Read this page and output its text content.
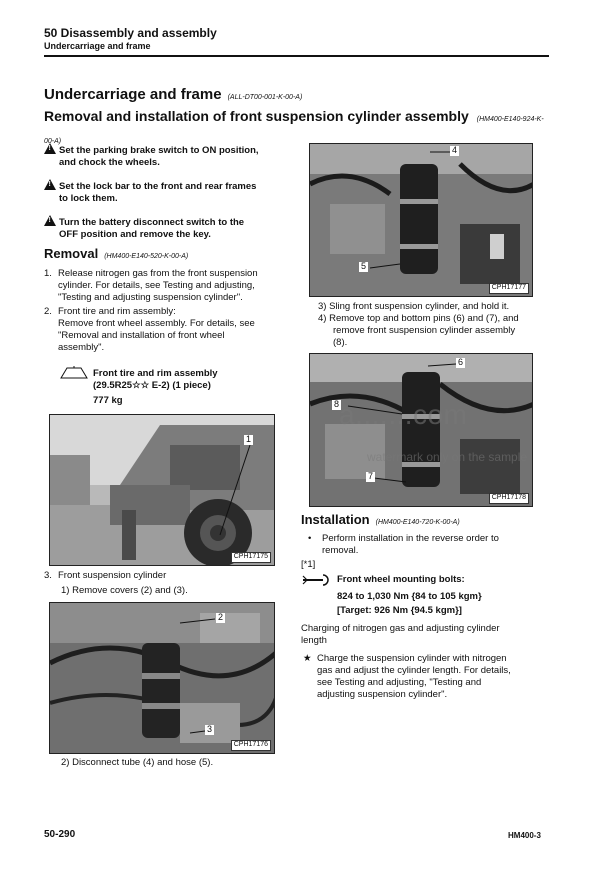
50 Disassembly and assembly
Undercarriage and frame
Undercarriage and frame (ALL-DT00-001-K-00-A)
Removal and installation of front suspension cylinder assembly (HM400-E140-924-K-00-A)
!Set the parking brake switch to ON position,
and chock the wheels.
!Set the lock bar to the front and rear frames
to lock them.
!Turn the battery disconnect switch to the
OFF position and remove the key.
Removal (HM400-E140-520-K-00-A)
1. Release nitrogen gas from the front suspension
cylinder. For details, see Testing and adjusting,
"Testing and adjusting suspension cylinder".
2. Front tire and rim assembly:
Remove front wheel assembly. For details, see
"Removal and installation of front wheel
assembly".
Front tire and rim assembly
(29.5R25☆☆ E-2) (1 piece)
777 kg
1
CPH17175
3. Front suspension cylinder
1) Remove covers (2) and (3).
2
3
CPH17176
2) Disconnect tube (4) and hose (5).
4
5
CPH17177
3) Sling front suspension cylinder, and hold it.
4) Remove top and bottom pins (6) and (7), and
remove front suspension cylinder assembly
(8).
6
8
7
CPH17178
a.......com
watermark only on the sample
Installation (HM400-E140-720-K-00-A)
•	Perform installation in the reverse order to
removal.
[*1]
Front wheel mounting bolts:
824 to 1,030 Nm {84 to 105 kgm}
[Target: 926 Nm {94.5 kgm}]
Charging of nitrogen gas and adjusting cylinder
length
★ Charge the suspension cylinder with nitrogen
gas and adjust the cylinder length. For details,
see Testing and adjusting, "Testing and
adjusting suspension cylinder".
50-290	HM400-3
